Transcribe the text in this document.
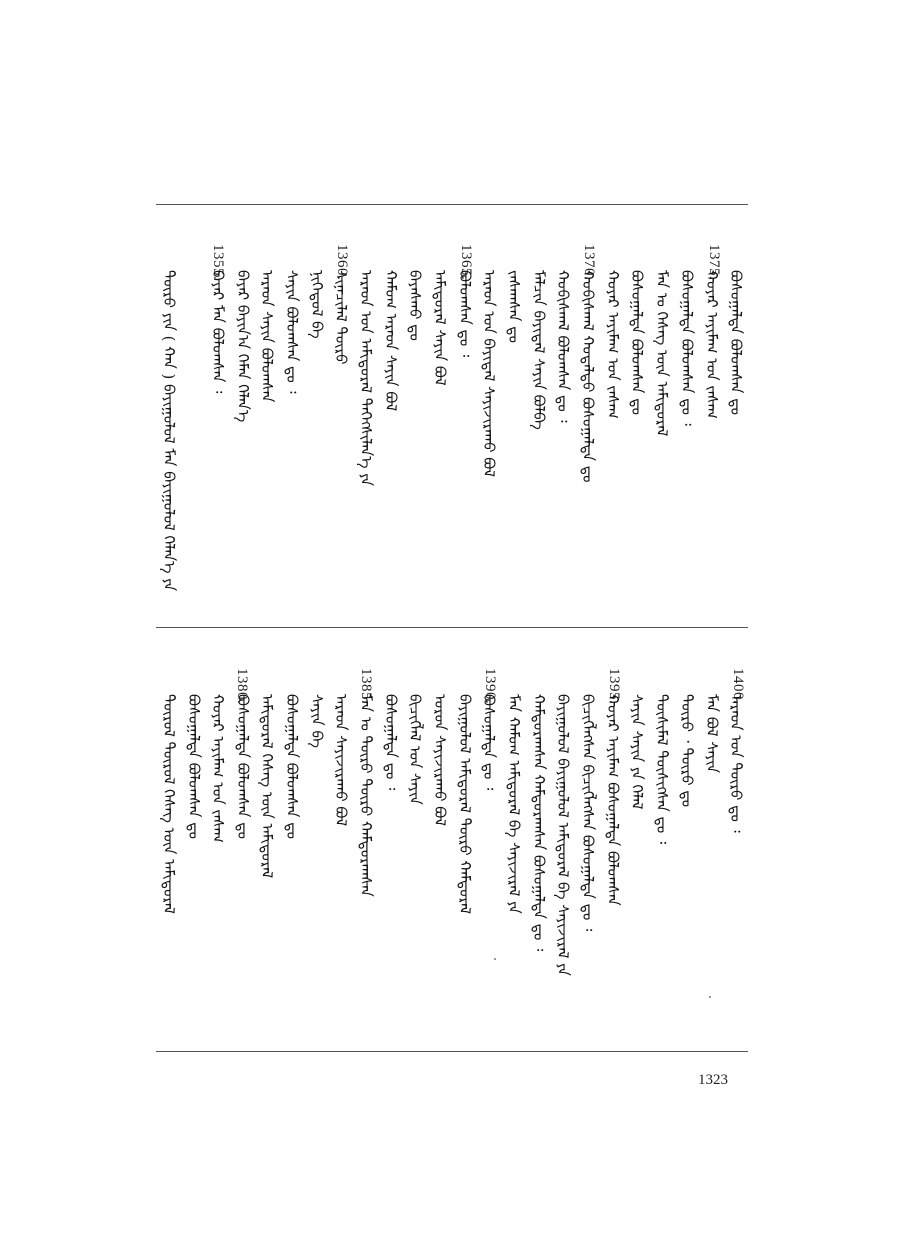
1375.
1370.
1365.
1360.
1355.
ᠪᠣᠰᠣᠭᠠᠯᠲᠠ ᠪᠣᠯᠤᠭᠰᠠᠨ ᠳᠤ
ᠬᠣᠶᠠᠷ ᠠᠶᠢᠮᠠᠭ ᠤᠨ ᠵᠠᠰᠠᠭ
ᠪᠣᠰᠣᠭᠠᠯᠲᠠ ᠪᠣᠯᠤᠭᠰᠠᠨ ᠳᠤ ᠄
ᠮᠠᠨ ᠤ ᠬᠡᠰᠡᠭ ᠦᠨ ᠠᠮᠢᠳᠤᠷᠠᠯ
ᠪᠣᠰᠣᠭᠠᠯᠲᠠ ᠪᠣᠯᠤᠭᠰᠠᠨ ᠳᠤ
ᠬᠣᠶᠠᠷ ᠠᠶᠢᠮᠠᠭ ᠤᠨ ᠵᠠᠰᠠᠭ
ᠬᠤᠪᠢᠰᠬᠠᠯ ᠬᠤᠳᠠᠯᠳᠤ ᠪᠣᠰᠣᠭᠠᠯᠲᠠ ᠳᠤ
ᠬᠤᠪᠢᠰᠬᠠᠯ ᠪᠣᠯᠤᠭᠰᠠᠨ ᠳᠤ ᠄
ᠮᠠᠯᠴᠢᠨ ᠪᠠᠶᠢᠳᠠᠯ ᠰᠠᠶᠢᠨ ᠪᠣᠯᠪᠠ
ᠵᠠᠰᠠᠭᠰᠠᠨ ᠳᠤ
ᠠᠷᠠᠳ ᠤᠨ ᠪᠠᠶᠢᠳᠠᠯ ᠰᠠᠶᠢᠵᠢᠷᠠᠬᠤ ᠪᠣᠯ
ᠪᠣᠯᠤᠭᠰᠠᠨ ᠳᠤ ᠄
ᠠᠮᠢᠳᠤᠷᠠᠯ ᠰᠠᠶᠢᠨ ᠪᠣᠯ
ᠪᠠᠶᠠᠰᠬᠤ ᠳᠤ
ᠬᠠᠮᠤᠭ ᠠᠷᠠᠳ ᠰᠠᠶᠢᠨ ᠪᠣᠯ
ᠠᠷᠠᠳ ᠤᠨ ᠠᠮᠢᠳᠤᠷᠠᠯ ᠳᠡᠭᠡᠭᠰᠢᠯᠡᠨ᠎ᠡ ᠶᠡ
ᠰᠢᠨᠡᠴᠢᠯᠡᠯ ᠲᠦᠷᠦ
ᠨᠢᠭᠡᠳᠦᠯ ᠪᠠ
ᠰᠠᠶᠢᠨ ᠪᠣᠯᠤᠭᠰᠠᠨ ᠳᠤ ᠄
ᠠᠷᠠᠳ ᠰᠠᠶᠢᠨ ᠪᠣᠯᠤᠭᠰᠠᠨ
ᠪᠠᠶᠠᠷ ᠪᠠᠶᠢᠨ᠎ᠠ ᠬᠡᠮᠡᠨ ᠬᠡᠯᠡᠨ᠎ᠡ
ᠪᠠᠶᠠᠷ ᠮᠠᠨ ᠪᠣᠯᠤᠭᠰᠠᠨ ᠄
ᠲᠦᠷᠦ ᠶᠢᠨ ( ᠬᠠᠨ ) ᠪᠠᠶᠢᠭᠤᠯᠤᠯ ᠮᠠᠨ ᠪᠠᠶᠢᠭᠤᠯᠤᠯ ᠬᠡᠯᠡᠨ᠎ᠡ ᠶᠡ
1400.
1395.
1390.
1385.
1380.
ᠠᠷᠠᠳ ᠤᠨ ᠲᠦᠷᠦ ᠳᠤ ᠄
ᠮᠠᠨ ᠪᠣᠯ ᠰᠠᠶᠢᠨ
ᠲᠦᠷᠦ ᠂ ᠲᠦᠷᠦ ᠳᠤ
ᠲᠦᠰᠢᠮᠡᠯ ᠲᠦᠰᠢᠭᠰᠡᠨ ᠳᠤ ᠄
ᠰᠠᠶᠢᠨ ᠰᠠᠶᠢᠨ ᠶᠡ ᠬᠡᠯᠡᠯ
ᠬᠣᠶᠠᠷ ᠠᠶᠢᠮᠠᠭ ᠪᠣᠰᠣᠭᠠᠯᠲᠠ ᠪᠣᠯᠤᠭᠰᠠᠨ
ᠪᠢᠴᠢᠭᠯᠡᠭᠰᠡᠨ ᠪᠢᠴᠢᠭᠯᠡᠭᠰᠡᠨ ᠪᠣᠰᠣᠭᠠᠯᠲᠠ ᠳᠤ ᠄
ᠪᠠᠶᠢᠭᠤᠯᠤᠯ ᠪᠠᠶᠢᠭᠤᠯᠤᠯ ᠠᠮᠢᠳᠤᠷᠠᠯ ᠪᠠ ᠰᠠᠶᠢᠵᠢᠷᠠᠯ ᠶᠡ
ᠬᠠᠮᠲᠤᠷᠠᠭᠰᠠᠨ ᠬᠠᠮᠲᠤᠷᠠᠭᠰᠠᠨ ᠪᠣᠰᠣᠭᠠᠯᠲᠠ ᠳᠤ ᠄
ᠮᠠᠨ ᠬᠠᠮᠤᠭ ᠠᠮᠢᠳᠤᠷᠠᠯ ᠪᠠ ᠰᠠᠶᠢᠵᠢᠷᠠᠯ ᠶᠡ
ᠪᠣᠰᠣᠭᠠᠯᠲᠠ ᠳᠤ ᠄
ᠪᠠᠶᠢᠭᠤᠯᠤᠯ ᠠᠮᠢᠳᠤᠷᠠᠯ ᠲᠦᠷᠦ ᠬᠠᠮᠲᠤᠷᠠᠯ
ᠣᠷᠣᠨ ᠰᠠᠶᠢᠵᠢᠷᠠᠬᠤ ᠪᠣᠯ
ᠪᠢᠴᠢᠭᠯᠡᠯ ᠤᠨ ᠰᠠᠶᠢᠨ
ᠪᠣᠰᠣᠭᠠᠯᠲᠠ ᠳᠤ ᠄
ᠮᠠᠨ ᠤ ᠲᠦᠷᠦ ᠲᠦᠷᠦ ᠬᠠᠮᠲᠤᠷᠠᠭᠰᠠᠨ
ᠠᠷᠠᠳ ᠰᠠᠶᠢᠵᠢᠷᠠᠬᠤ ᠪᠣᠯ
ᠰᠠᠶᠢᠨ ᠪᠠ
ᠪᠣᠰᠣᠭᠠᠯᠲᠠ ᠪᠣᠯᠤᠭᠰᠠᠨ ᠳᠤ
ᠠᠮᠢᠳᠤᠷᠠᠯ ᠬᠡᠰᠡᠭ ᠦᠨ ᠠᠮᠢᠳᠤᠷᠠᠯ
ᠪᠣᠰᠣᠭᠠᠯᠲᠠ ᠪᠣᠯᠤᠭᠰᠠᠨ ᠳᠤ
ᠬᠣᠶᠠᠷ ᠠᠶᠢᠮᠠᠭ ᠤᠨ ᠵᠠᠰᠠᠭ
ᠪᠣᠰᠣᠭᠠᠯᠲᠠ ᠪᠣᠯᠤᠭᠰᠠᠨ ᠳᠤ
ᠲᠦᠷᠦᠯ ᠲᠦᠷᠦᠯ ᠬᠡᠰᠡᠭ ᠦᠨ ᠠᠮᠢᠳᠤᠷᠠᠯ
1323
